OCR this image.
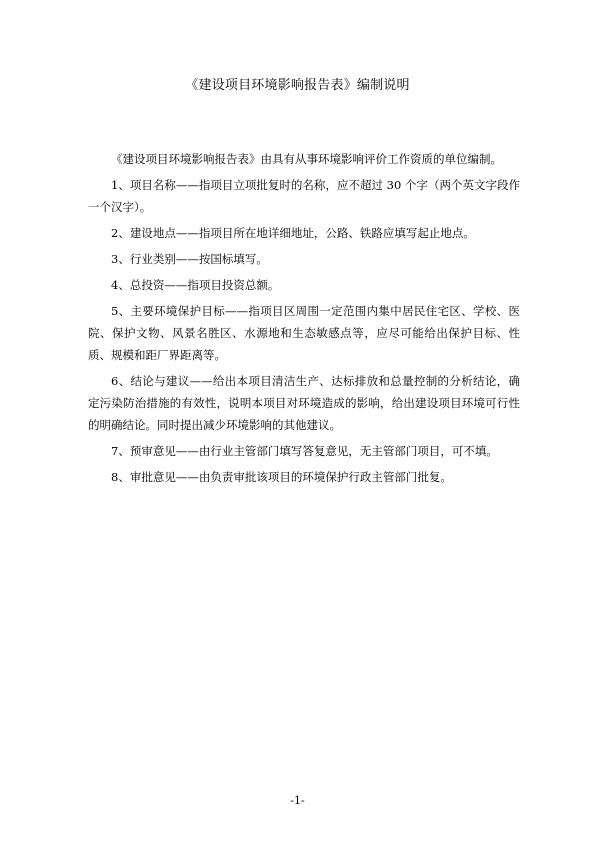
《建设项目环境影响报告表》编制说明

《建设项目环境影响报告表》由具有从事环境影响评价工作资质的单位编制。

1、项目名称——指项目立项批复时的名称，应不超过 30 个字（两个英文字段作一个汉字）。

2、建设地点——指项目所在地详细地址，公路、铁路应填写起止地点。

3、行业类别——按国标填写。

4、总投资——指项目投资总额。

5、主要环境保护目标——指项目区周围一定范围内集中居民住宅区、学校、医院、保护文物、风景名胜区、水源地和生态敏感点等，应尽可能给出保护目标、性质、规模和距厂界距离等。

6、结论与建议——给出本项目清洁生产、达标排放和总量控制的分析结论，确定污染防治措施的有效性，说明本项目对环境造成的影响，给出建设项目环境可行性的明确结论。同时提出减少环境影响的其他建议。

7、预审意见——由行业主管部门填写答复意见，无主管部门项目，可不填。

8、审批意见——由负责审批该项目的环境保护行政主管部门批复。

-1-
